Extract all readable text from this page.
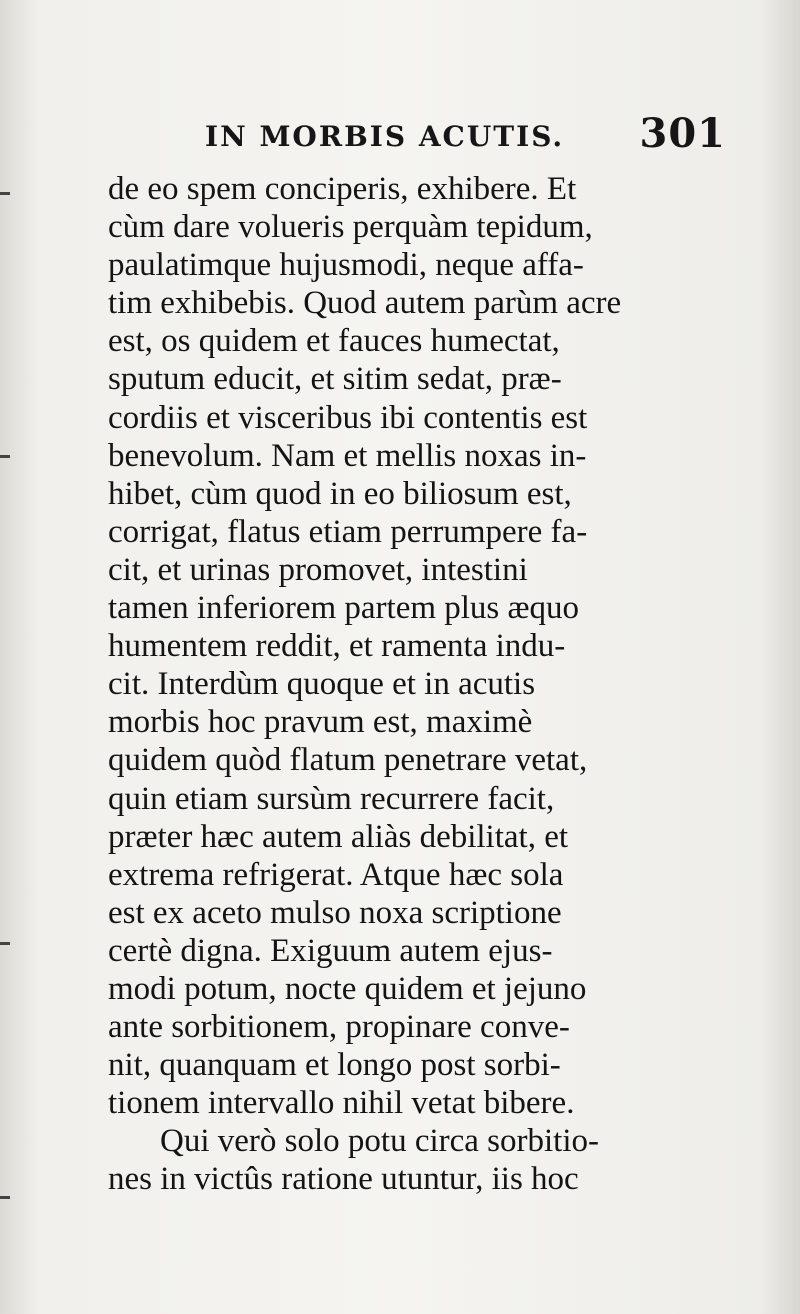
IN MORBIS ACUTIS. 301
de eo spem conciperis, exhibere. Et
cùm dare volueris perquàm tepidum,
paulatimque hujusmodi, neque affa-
tim exhibebis. Quod autem parùm acre
est, os quidem et fauces humectat,
sputum educit, et sitim sedat, præ-
cordiis et visceribus ibi contentis est
benevolum. Nam et mellis noxas in-
hibet, cùm quod in eo biliosum est,
corrigat, flatus etiam perrumpere fa-
cit, et urinas promovet, intestini
tamen inferiorem partem plus æquo
humentem reddit, et ramenta indu-
cit. Interdùm quoque et in acutis
morbis hoc pravum est, maximè
quidem quòd flatum penetrare vetat,
quin etiam sursùm recurrere facit,
præter hæc autem aliàs debilitat, et
extrema refrigerat. Atque hæc sola
est ex aceto mulso noxa scriptione
certè digna. Exiguum autem ejus-
modi potum, nocte quidem et jejuno
ante sorbitionem, propinare conve-
nit, quanquam et longo post sorbi-
tionem intervallo nihil vetat bibere.
Qui verò solo potu circa sorbitio-
nes in victûs ratione utuntur, iis hoc
